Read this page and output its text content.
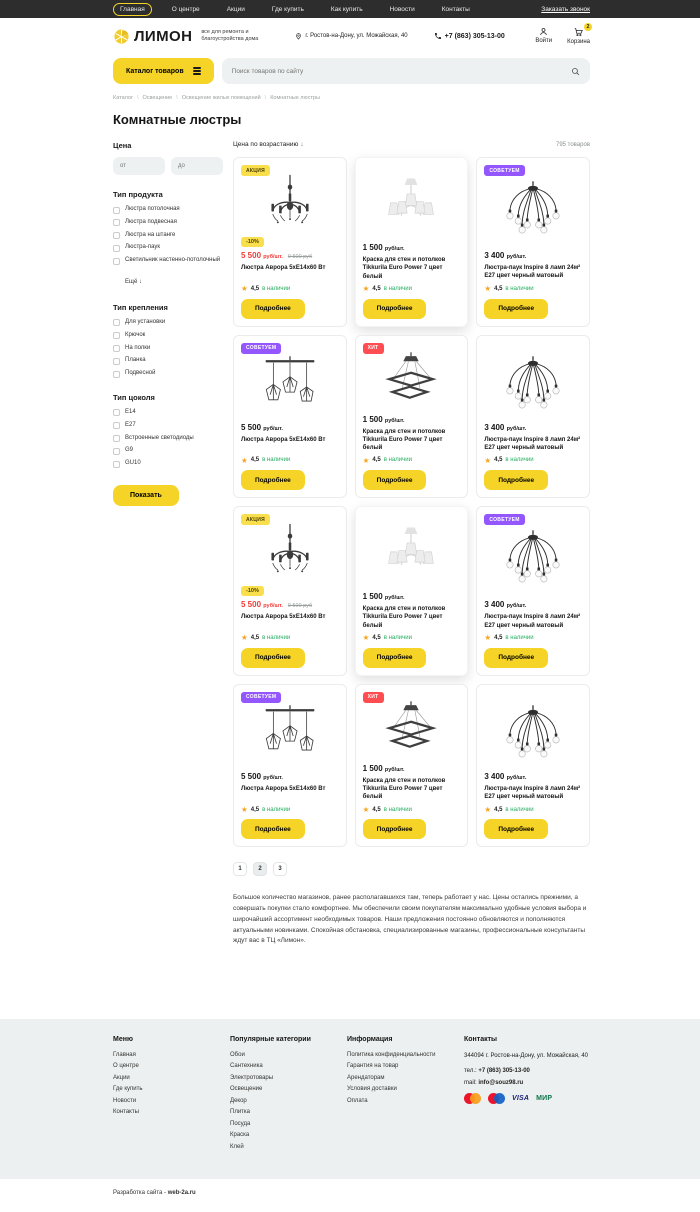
Главная	О центре	Акции	Где купить	Как купить	Новости	Контакты	Заказать звонок
ЛИМОН все для ремонта и благоустройства дома	г. Ростов-на-Дону, ул. Можайская, 40	+7 (863) 305-13-00
Войти
2
Корзина
Каталог товаров
Поиск товаров по сайту
Каталог	\ Освещение	\ Освещение жилых помещений	\ Комнатные люстры
Комнатные люстры
Цена
от
до
Тип продукта
Люстра потолочная
Люстра подвесная
Люстра на штанге
Люстра-паук
Светильник настенно-потолочный
Ещё ↓
Тип крепления
Для установки
Крючок
На полки
Планка
Подвесной
Тип цоколя
E14
E27
Встроенные светодиоды
G9
GU10
Показать
Цена по возрастанию ↓	795 товаров
АКЦИЯ
-10%
5 500 руб/шт. 9 500 руб
Люстра Аврора 5хЕ14х60 Вт
★ 4,5 в наличии
Подробнее
1 500 руб/шт.
Краска для стен и потолков Tikkurila Euro Power 7 цвет белый
★ 4,5 в наличии
Подробнее
СОВЕТУЕМ
3 400 руб/шт.
Люстра-паук Inspire 8 ламп 24м² E27 цвет черный матовый
★ 4,5 в наличии
Подробнее
СОВЕТУЕМ
5 500 руб/шт.
Люстра Аврора 5хЕ14х60 Вт
★ 4,5 в наличии
Подробнее
ХИТ
1 500 руб/шт.
Краска для стен и потолков Tikkurila Euro Power 7 цвет белый
★ 4,5 в наличии
Подробнее
3 400 руб/шт.
Люстра-паук Inspire 8 ламп 24м² E27 цвет черный матовый
★ 4,5 в наличии
Подробнее
АКЦИЯ
-10%
5 500 руб/шт. 9 500 руб
Люстра Аврора 5хЕ14х60 Вт
★ 4,5 в наличии
Подробнее
1 500 руб/шт.
Краска для стен и потолков Tikkurila Euro Power 7 цвет белый
★ 4,5 в наличии
Подробнее
СОВЕТУЕМ
3 400 руб/шт.
Люстра-паук Inspire 8 ламп 24м² E27 цвет черный матовый
★ 4,5 в наличии
Подробнее
СОВЕТУЕМ
5 500 руб/шт.
Люстра Аврора 5хЕ14х60 Вт
★ 4,5 в наличии
Подробнее
ХИТ
1 500 руб/шт.
Краска для стен и потолков Tikkurila Euro Power 7 цвет белый
★ 4,5 в наличии
Подробнее
3 400 руб/шт.
Люстра-паук Inspire 8 ламп 24м² E27 цвет черный матовый
★ 4,5 в наличии
Подробнее
1	2	3

Большое количество магазинов, ранее располагавшихся там, теперь работает у нас. Цены остались прежними, а совершать покупки стало комфортнее. Мы обеспечили своим покупателям максимально удобные условия выбора и широчайший ассортимент необходимых товаров. Наши предложения постоянно обновляются и пополняются актуальными новинками. Спокойная обстановка, специализированные магазины, профессиональные консультанты ждут вас в ТЦ «Лимон».

Меню
Главная
О центре
Акции
Где купить
Новости
Контакты
Популярные категории
Обои
Сантехника
Электротовары
Освещение
Декор
Плитка
Посуда
Краска
Клей
Информация
Политика конфиденциальности
Гарантия на товар
Арендаторам
Условия доставки
Оплата
Контакты
344094 г. Ростов-на-Дону, ул. Можайская, 40
тел.: +7 (863) 305-13-00
mail: info@souz98.ru
VISA МИР
Разработка сайта - web-2a.ru
